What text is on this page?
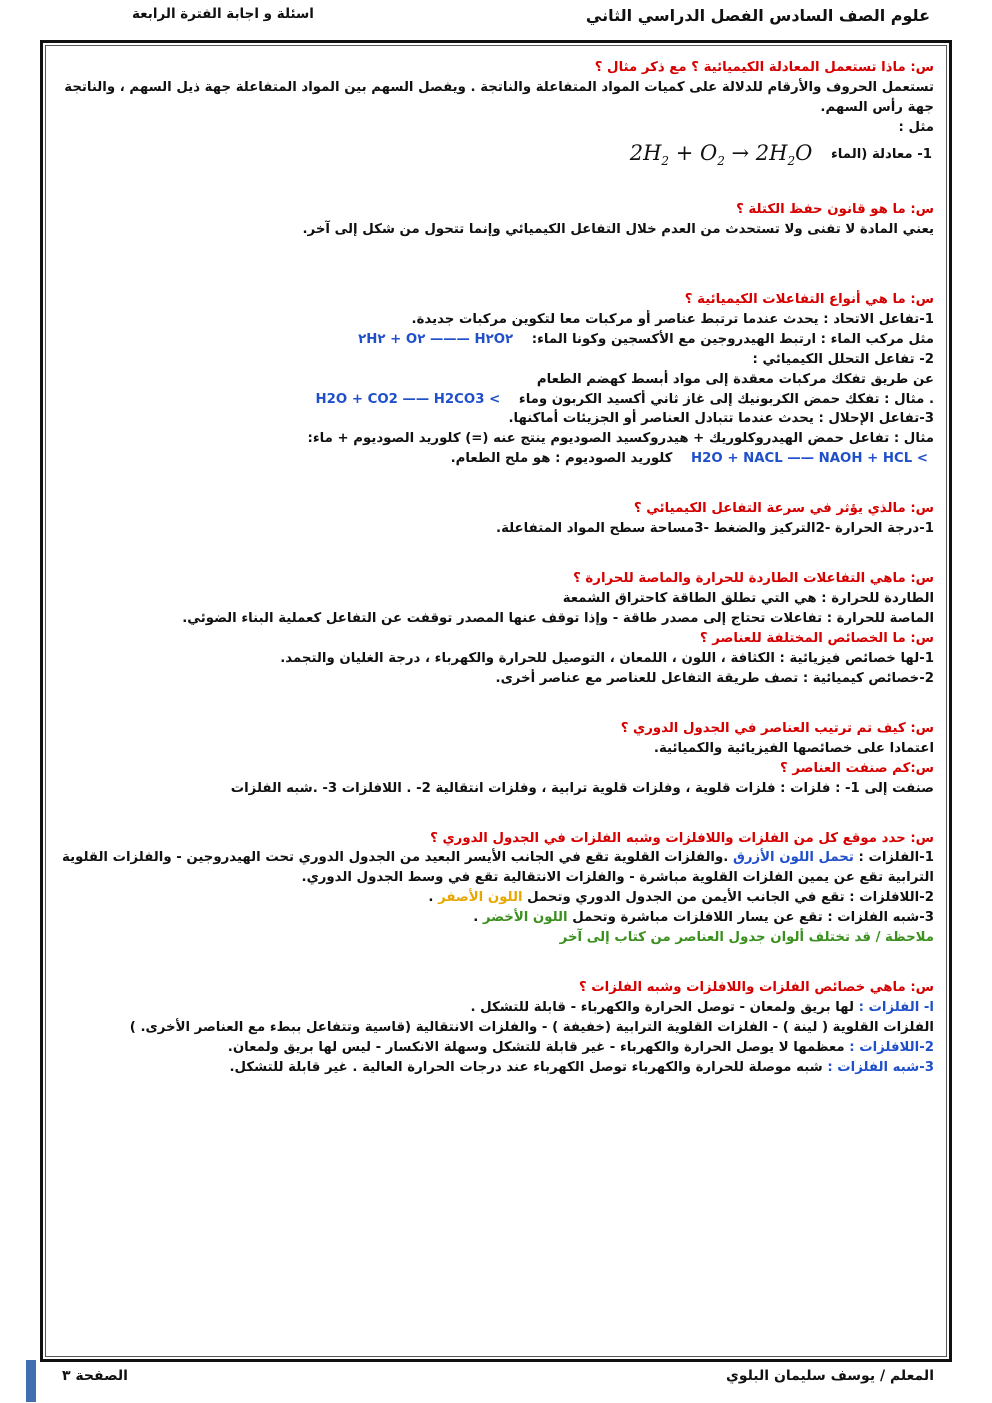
علوم الصف السادس الفصل الدراسي الثاني
اسئلة و اجابة الفترة الرابعة

س: ماذا تستعمل المعادلة الكيميائية ؟ مع ذكر مثال ؟

تستعمل الحروف والأرقام للدلالة على كميات المواد المتفاعلة والناتجة . ويفصل السهم بين المواد المتفاعلة جهة ذيل السهم ، والناتجة جهة رأس السهم.

مثل :

1- معادلة (الماء $2H_2 + O_2 \to 2H_2O$

س: ما هو قانون حفظ الكتلة ؟

يعني المادة لا تفنى ولا تستحدث من العدم خلال التفاعل الكيميائي وإنما تتحول من شكل إلى آخر.

س: ما هي أنواع التفاعلات الكيميائية ؟

1-تفاعل الاتحاد : يحدث عندما ترتبط عناصر أو مركبات معا لتكوين مركبات جديدة.

مثل مركب الماء : ارتبط الهيدروجين مع الأكسجين وكونا الماء: ٢H٢ + O٢ ——— H٢O٢

2- تفاعل التحلل الكيميائي :

عن طريق تفكك مركبات معقدة إلى مواد أبسط كهضم الطعام

. مثال : تفكك حمض الكربونيك إلى غاز ثاني أكسيد الكربون وماء H2O + CO2 —— H2CO3 <

3-تفاعل الإحلال : يحدث عندما تتبادل العناصر أو الجزيئات أماكنها.

مثال : تفاعل حمض الهيدروكلوريك + هيدروكسيد الصوديوم ينتج عنه (=) كلوريد الصوديوم + ماء:

H2O + NACL —— NAOH + HCL < كلوريد الصوديوم : هو ملح الطعام.

س: مالذي يؤثر في سرعة التفاعل الكيميائي ؟

1-درجة الحرارة -2التركيز والضغط -3مساحة سطح المواد المتفاعلة.

س: ماهي التفاعلات الطاردة للحرارة والماصة للحرارة ؟

الطاردة للحرارة : هي التي تطلق الطاقة كاحتراق الشمعة

الماصة للحرارة : تفاعلات تحتاج إلى مصدر طاقة - وإذا توقف عنها المصدر توقفت عن التفاعل كعملية البناء الضوئي.

س: ما الخصائص المختلفة للعناصر ؟

1-لها خصائص فيزيائية : الكثافة ، اللون ، اللمعان ، التوصيل للحرارة والكهرباء ، درجة الغليان والتجمد.

2-خصائص كيميائية : تصف طريقة التفاعل للعناصر مع عناصر أخرى.

س: كيف تم ترتيب العناصر في الجدول الدوري ؟

اعتمادا على خصائصها الفيزيائية والكميائية.

س:كم صنفت العناصر ؟

صنفت إلى 1- : فلزات : فلزات قلوية ، وفلزات قلوية ترابية ، وفلزات انتقالية 2- . اللافلزات 3- .شبه الفلزات

س: حدد موقع كل من الفلزات واللافلزات وشبه الفلزات في الجدول الدوري ؟

1-الفلزات : تحمل اللون الأزرق .والفلزات القلوية تقع في الجانب الأيسر البعيد من الجدول الدوري تحت الهيدروجين - والفلزات القلوية الترابية تقع عن يمين الفلزات القلوية مباشرة - والفلزات الانتقالية تقع في وسط الجدول الدوري.

2-اللافلزات : تقع في الجانب الأيمن من الجدول الدوري وتحمل اللون الأصفر .

3-شبه الفلزات : تقع عن يسار اللافلزات مباشرة وتحمل اللون الأخضر .

ملاحظة / قد تختلف ألوان جدول العناصر من كتاب إلى آخر

س: ماهي خصائص الفلزات واللافلزات وشبه الفلزات ؟

ا- الفلزات : لها بريق ولمعان - توصل الحرارة والكهرباء - قابلة للتشكل .

الفلزات القلوية ( لينة ) - الفلزات القلوية الترابية (خفيفة ) - والفلزات الانتقالية (قاسية وتتفاعل ببطء مع العناصر الأخرى. )

2-اللافلزات : معظمها لا يوصل الحرارة والكهرباء - غير قابلة للتشكل وسهلة الانكسار - ليس لها بريق ولمعان.

3-شبه الفلزات : شبه موصلة للحرارة والكهرباء توصل الكهرباء عند درجات الحرارة العالية . غير قابلة للتشكل.

المعلم / يوسف سليمان البلوي
الصفحة ٣
